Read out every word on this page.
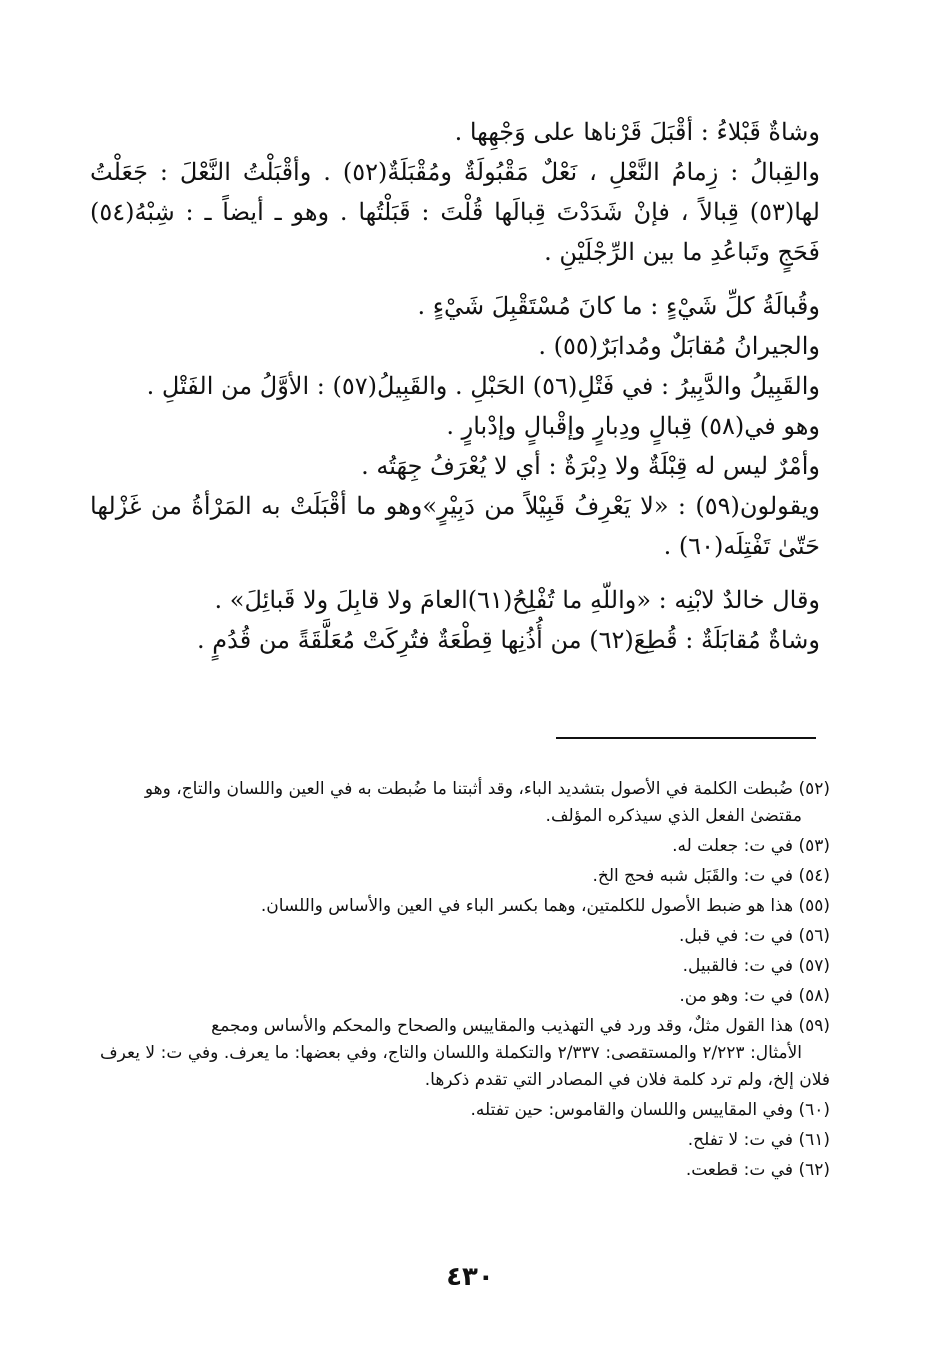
وشاةٌ قَبْلاءُ : أقْبَلَ قَرْناها على وَجْهِها .

والقِبالُ : زِمامُ النَّعْلِ ، نَعْلٌ مَقْبُولَةٌ ومُقْبَلَةٌ(٥٢) . وأقْبَلْتُ النَّعْلَ : جَعَلْتُ لها(٥٣) قِبالاً ، فإنْ شَدَدْتَ قِبالَها قُلْتَ : قَبَلْتُها . وهو ـ أيضاً ـ : شِبْهُ(٥٤) فَحَجٍ وتَباعُدِ ما بين الرِّجْلَيْنِ .

وقُبالَةُ كلِّ شَيْءٍ : ما كانَ مُسْتَقْبِلَ شَيْءٍ .

والجيرانُ مُقابَلٌ ومُدابَرٌ(٥٥) .

والقَبِيلُ والدَّبِيرُ : في فَتْلِ(٥٦) الحَبْلِ . والقَبِيلُ(٥٧) : الأوَّلُ من الفَتْلِ .

وهو في(٥٨) قِبالٍ ودِبارٍ وإقْبالٍ وإدْبارٍ .

وأمْرٌ ليس له قِبْلَةٌ ولا دِبْرَةٌ : أي لا يُعْرَفُ جِهَتُه .

ويقولون(٥٩) : «لا يَعْرِفُ قَبِيْلاً من دَبِيْرٍ»وهو ما أقْبَلَتْ به المَرْأةُ من غَزْلها حَتّىٰ تَفْتِلَه(٦٠) .

وقال خالدٌ لابْنِه : «واللّهِ ما تُفْلِحُ(٦١)العامَ ولا قابِلَ ولا قَبائِلَ» .

وشاةٌ مُقابَلَةٌ : قُطِعَ(٦٢) من أُذُنِها قِطْعَةٌ فتُرِكَتْ مُعَلَّقَةً من قُدُمٍ .

(٥٢) ضُبطت الكلمة في الأصول بتشديد الباء، وقد أثبتنا ما ضُبطت به في العين واللسان والتاج، وهو
مقتضىٰ الفعل الذي سيذكره المؤلف.

(٥٣) في ت: جعلت له.

(٥٤) في ت: والقَبَل شبه فحج الخ.

(٥٥) هذا هو ضبط الأصول للكلمتين، وهما بكسر الباء في العين والأساس واللسان.

(٥٦) في ت: في قبل.

(٥٧) في ت: فالقبيل.

(٥٨) في ت: وهو من.

(٥٩) هذا القول مثلٌ، وقد ورد في التهذيب والمقاييس والصحاح والمحكم والأساس ومجمع
الأمثال: ٢/٢٢٣ والمستقصى: ٢/٣٣٧ والتكملة واللسان والتاج، وفي بعضها: ما يعرف. وفي ت: لا يعرف فلان إلخ، ولم ترد كلمة فلان في المصادر التي تقدم ذكرها.

(٦٠) وفي المقاييس واللسان والقاموس: حين تفتله.

(٦١) في ت: لا تفلح.

(٦٢) في ت: قطعت.

٤٣٠
